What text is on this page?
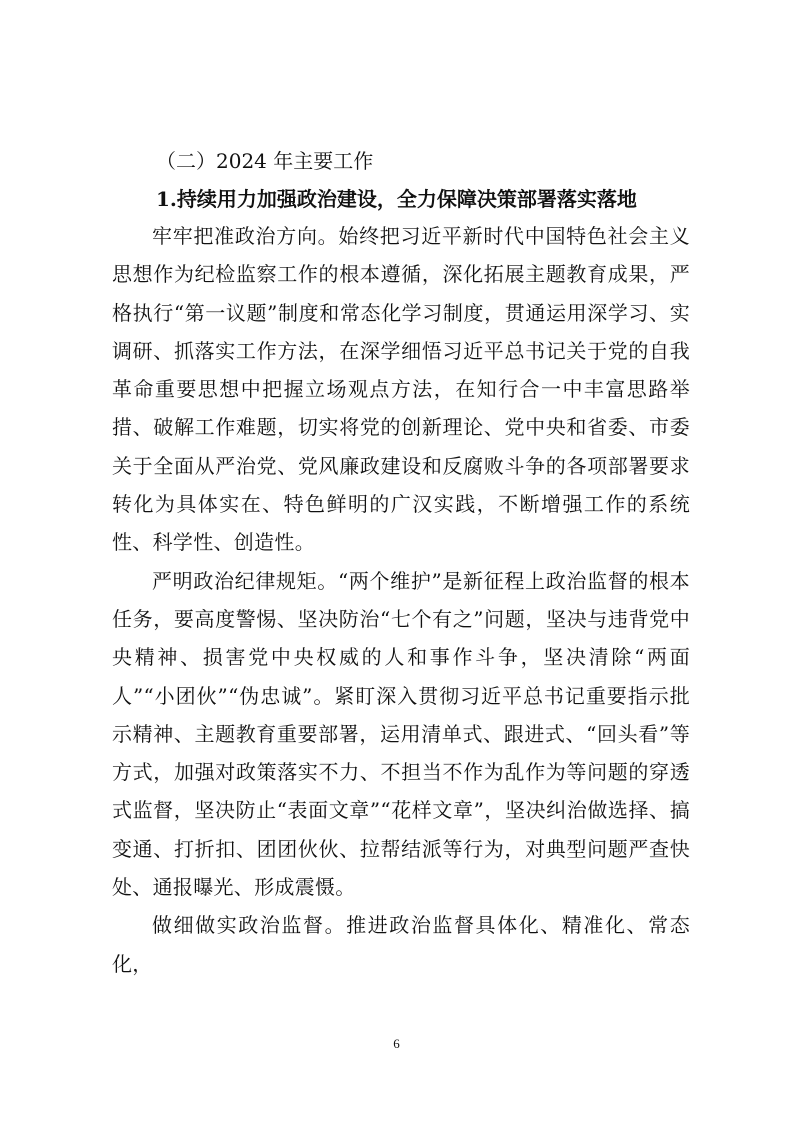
（二）2024 年主要工作

1.持续用力加强政治建设，全力保障决策部署落实落地

牢牢把准政治方向。始终把习近平新时代中国特色社会主义思想作为纪检监察工作的根本遵循，深化拓展主题教育成果，严格执行“第一议题”制度和常态化学习制度，贯通运用深学习、实调研、抓落实工作方法，在深学细悟习近平总书记关于党的自我革命重要思想中把握立场观点方法，在知行合一中丰富思路举措、破解工作难题，切实将党的创新理论、党中央和省委、市委关于全面从严治党、党风廉政建设和反腐败斗争的各项部署要求转化为具体实在、特色鲜明的广汉实践，不断增强工作的系统性、科学性、创造性。

严明政治纪律规矩。“两个维护”是新征程上政治监督的根本任务，要高度警惕、坚决防治“七个有之”问题，坚决与违背党中央精神、损害党中央权威的人和事作斗争，坚决清除“两面人”“小团伙”“伪忠诚”。紧盯深入贯彻习近平总书记重要指示批示精神、主题教育重要部署，运用清单式、跟进式、“回头看”等方式，加强对政策落实不力、不担当不作为乱作为等问题的穿透式监督，坚决防止“表面文章”“花样文章”，坚决纠治做选择、搞变通、打折扣、团团伙伙、拉帮结派等行为，对典型问题严查快处、通报曝光、形成震慑。

做细做实政治监督。推进政治监督具体化、精准化、常态化，

6
